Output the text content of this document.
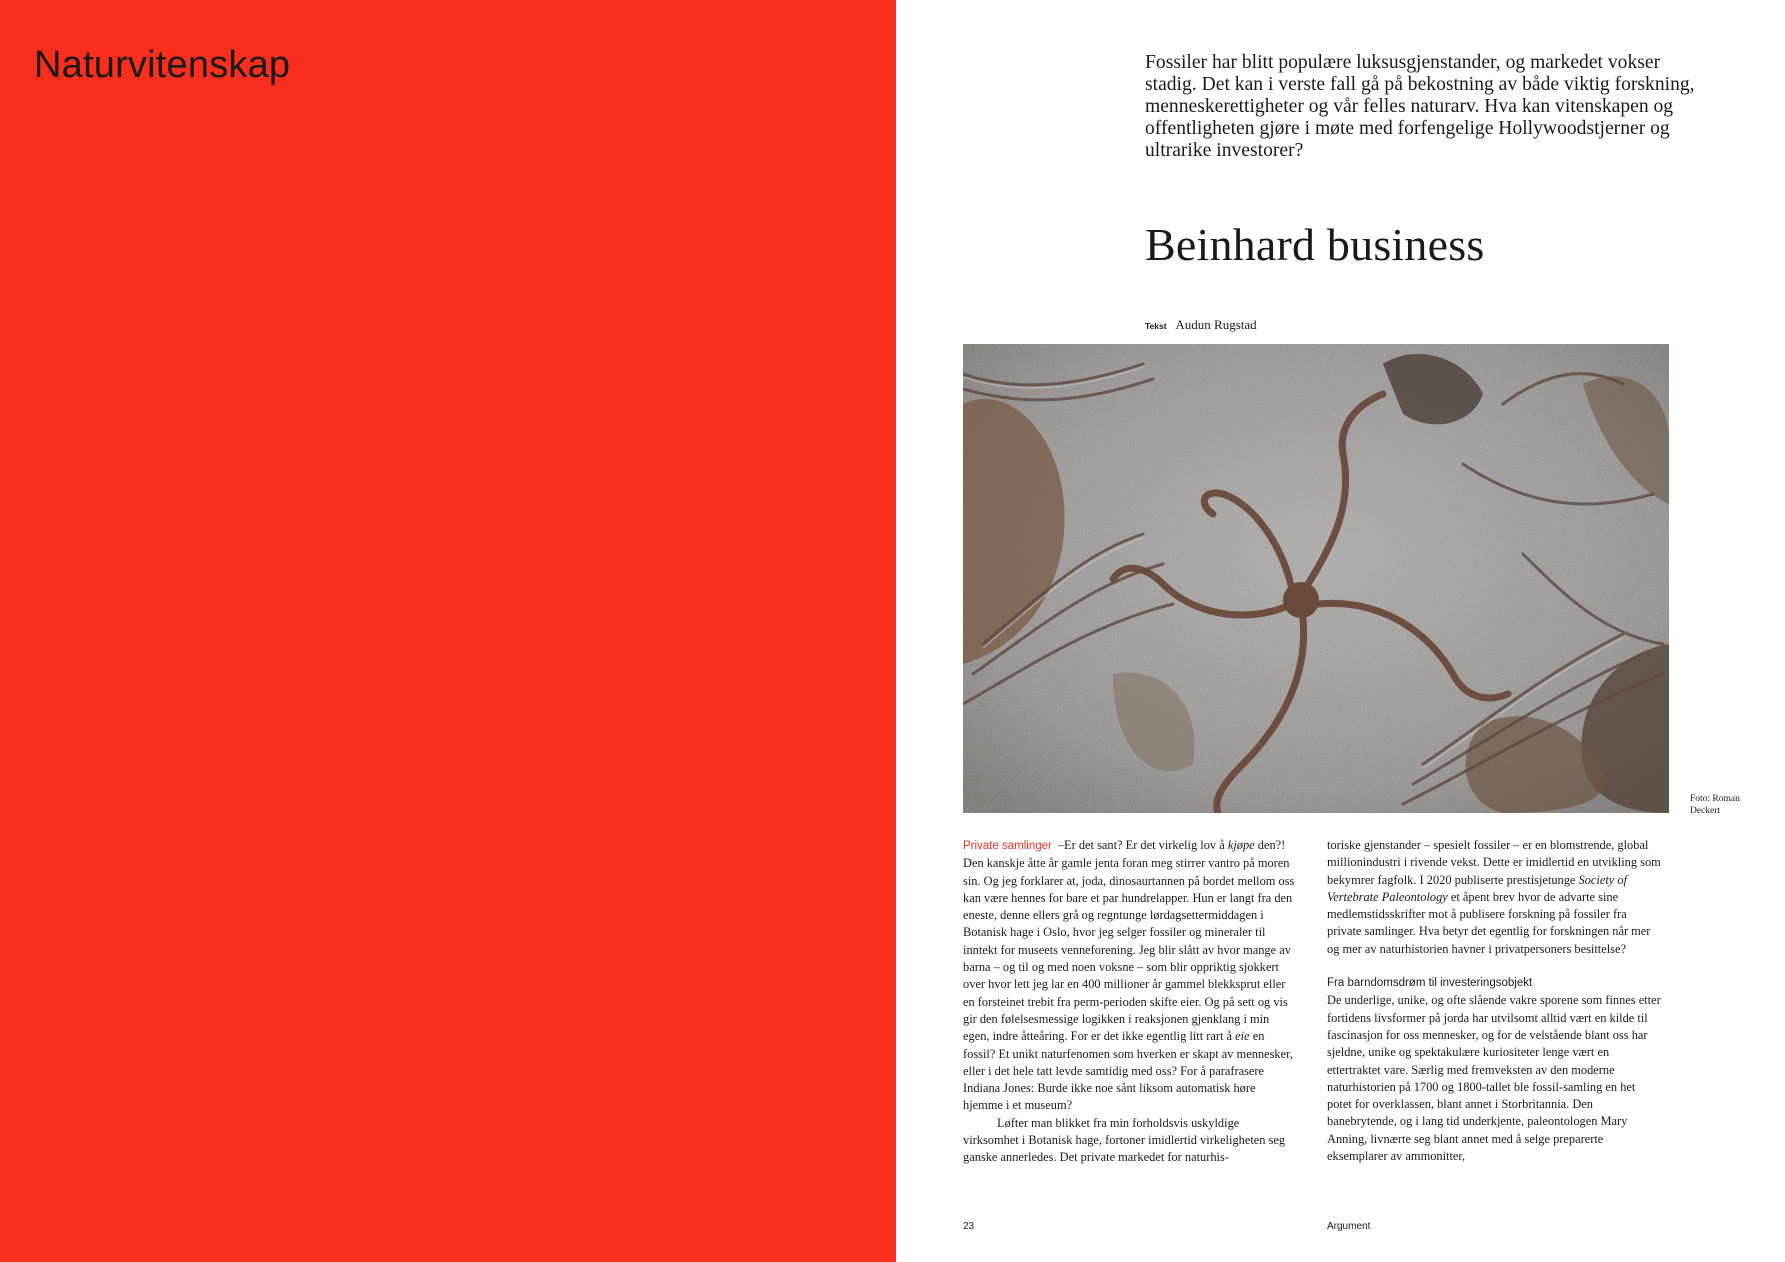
Naturvitenskap	Fossiler har blitt populære luksusgjenstander, og markedet vokser stadig. Det kan i verste fall gå på bekostning av både viktig forskning, menneskerettigheter og vår felles naturarv. Hva kan vitenskapen og offentligheten gjøre i møte med forfengelige Hollywoodstjerner og ultrarike investorer?

Beinhard business
Tekst Audun Rugstad
Foto: Roman Deckert

Private samlinger –Er det sant? Er det virkelig lov å kjøpe den?! Den kanskje åtte år gamle jenta foran meg stirrer vantro på moren sin. Og jeg forklarer at, joda, dinosaurtannen på bordet mellom oss kan være hennes for bare et par hundrelapper. Hun er langt fra den eneste, denne ellers grå og regntunge lørdagsettermiddagen i Botanisk hage i Oslo, hvor jeg selger fossiler og mineraler til inntekt for museets venneforening. Jeg blir slått av hvor mange av barna – og til og med noen voksne – som blir oppriktig sjokkert over hvor lett jeg lar en 400 millioner år gammel blekksprut eller en forsteinet trebit fra perm-perioden skifte eier. Og på sett og vis gir den følelsesmessige logikken i reaksjonen gjenklang i min egen, indre åtteåring. For er det ikke egentlig litt rart å eie en fossil? Et unikt naturfenomen som hverken er skapt av mennesker, eller i det hele tatt levde samtidig med oss? For å parafrasere Indiana Jones: Burde ikke noe sånt liksom automatisk høre hjemme i et museum?

Løfter man blikket fra min forholdsvis uskyldige virksomhet i Botanisk hage, fortoner imidlertid virkeligheten seg ganske annerledes. Det private markedet for naturhis-

toriske gjenstander – spesielt fossiler – er en blomstrende, global millionindustri i rivende vekst. Dette er imidlertid en utvikling som bekymrer fagfolk. I 2020 publiserte prestisjetunge Society of Vertebrate Paleontology et åpent brev hvor de advarte sine medlemstidsskrifter mot å publisere forskning på fossiler fra private samlinger. Hva betyr det egentlig for forskningen når mer og mer av naturhistorien havner i privatpersoners besittelse?

Fra barndomsdrøm til investeringsobjekt

De underlige, unike, og ofte slående vakre sporene som finnes etter fortidens livsformer på jorda har utvilsomt alltid vært en kilde til fascinasjon for oss mennesker, og for de velstående blant oss har sjeldne, unike og spektakulære kuriositeter lenge vært en ettertraktet vare. Særlig med fremveksten av den moderne naturhistorien på 1700 og 1800-tallet ble fossil-samling en het potet for overklassen, blant annet i Storbritannia. Den banebrytende, og i lang tid underkjente, paleontologen Mary Anning, livnærte seg blant annet med å selge preparerte eksemplarer av ammonitter,

23	Argument
